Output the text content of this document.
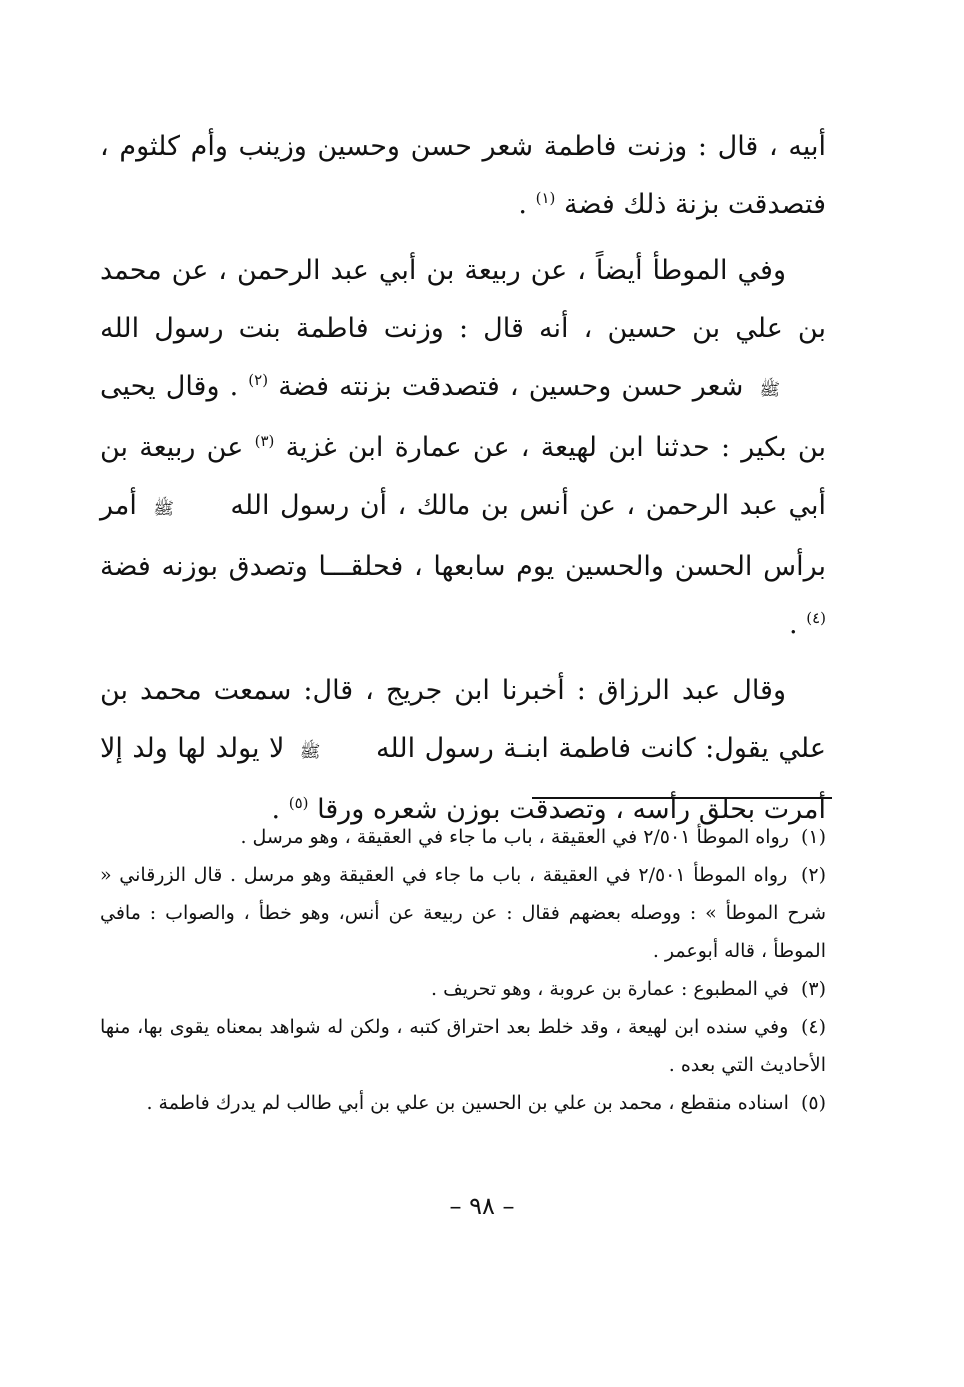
أبيه ، قال : وزنت فاطمة شعر حسن وحسين وزينب وأم كلثوم ، فتصدقت بزنة ذلك فضة $^{(١)}$ .

وفي الموطأ أيضاً ، عن ربيعة بن أبي عبد الرحمن ، عن محمد بن علي بن حسين ، أنه قال : وزنت فاطمة بنت رسول الله ﷺ شعر حسن وحسين ، فتصدقت بزنته فضة $^{(٢)}$ . وقال يحيى بن بكير : حدثنا ابن لهيعة ، عن عمارة ابن غزية $^{(٣)}$ عن ربيعة بن أبي عبد الرحمن ، عن أنس بن مالك ، أن رسول الله ﷺ أمر برأس الحسن والحسين يوم سابعها ، فحلقـــا وتصدق بوزنه فضة $^{(٤)}$ .

وقال عبد الرزاق : أخبرنا ابن جريج ، قال: سمعت محمد بن علي يقول: كانت فاطمة ابنـة رسول الله ﷺ لا يولد لها ولد إلا أمرت بحلق رأسه ، وتصدقت بوزن شعره ورقا $^{(٥)}$ .

(١) رواه الموطأ ٢/٥٠١ في العقيقة ، باب ما جاء في العقيقة ، وهو مرسل .

(٢) رواه الموطأ ٢/٥٠١ في العقيقة ، باب ما جاء في العقيقة وهو مرسل . قال الزرقاني « شرح الموطأ » : ووصله بعضهم فقال : عن ربيعة عن أنس، وهو خطأ ، والصواب : مافي الموطأ ، قاله أبوعمر .

(٣) في المطبوع : عمارة بن عروبة ، وهو تحريف .

(٤) وفي سنده ابن لهيعة ، وقد خلط بعد احتراق كتبه ، ولكن له شواهد بمعناه يقوى بها، منها الأحاديث التي بعده .

(٥) اسناده منقطع ، محمد بن علي بن الحسين بن علي بن أبي طالب لم يدرك فاطمة .

– ٩٨ –
